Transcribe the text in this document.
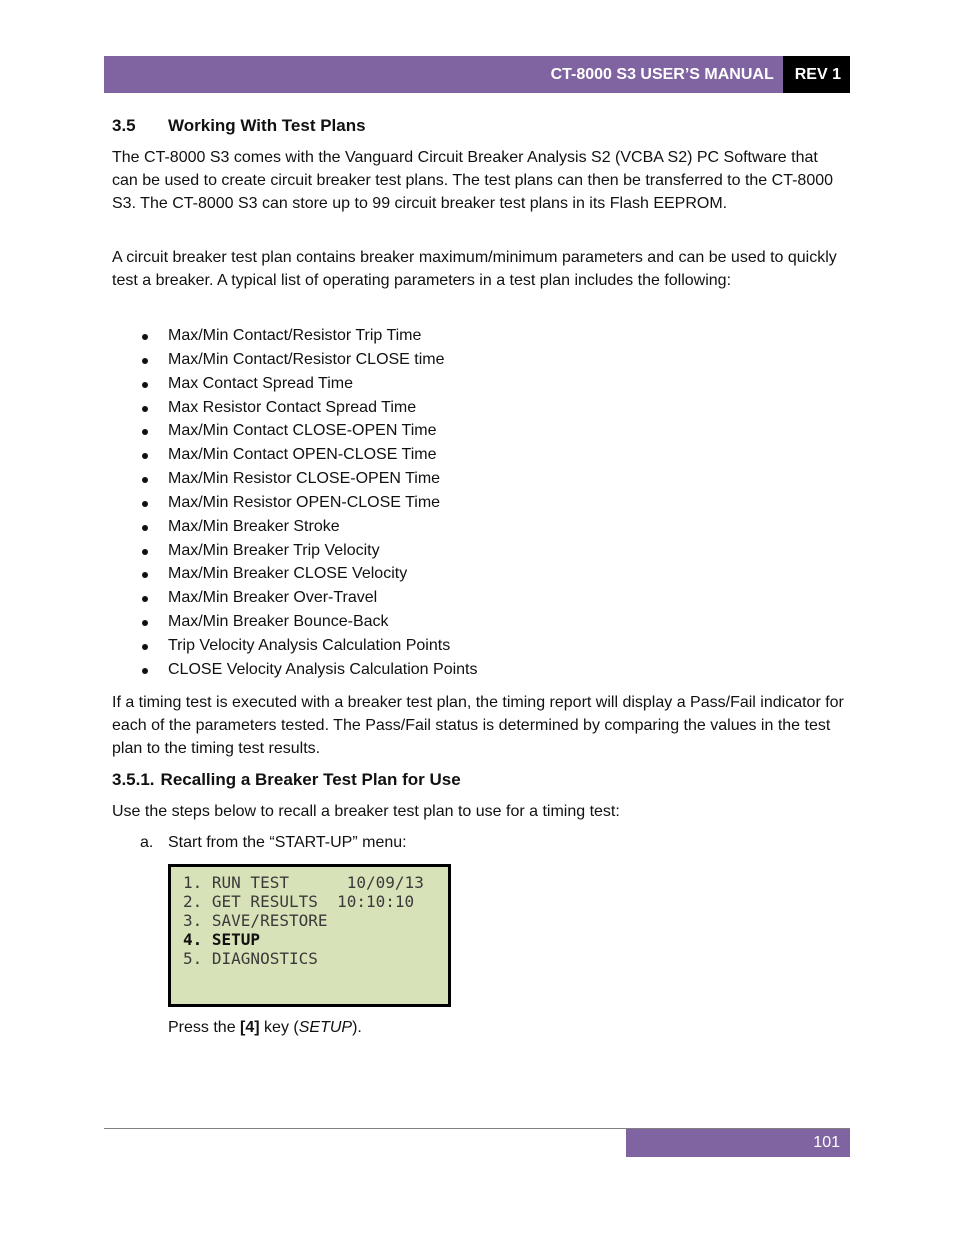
CT-8000 S3 USER’S MANUAL	REV 1
3.5 Working With Test Plans

The CT-8000 S3 comes with the Vanguard Circuit Breaker Analysis S2 (VCBA S2) PC Software that can be used to create circuit breaker test plans. The test plans can then be transferred to the CT-8000 S3. The CT-8000 S3 can store up to 99 circuit breaker test plans in its Flash EEPROM.

A circuit breaker test plan contains breaker maximum/minimum parameters and can be used to quickly test a breaker. A typical list of operating parameters in a test plan includes the following:

Max/Min Contact/Resistor Trip Time
Max/Min Contact/Resistor CLOSE time
Max Contact Spread Time
Max Resistor Contact Spread Time
Max/Min Contact CLOSE-OPEN Time
Max/Min Contact OPEN-CLOSE Time
Max/Min Resistor CLOSE-OPEN Time
Max/Min Resistor OPEN-CLOSE Time
Max/Min Breaker Stroke
Max/Min Breaker Trip Velocity
Max/Min Breaker CLOSE Velocity
Max/Min Breaker Over-Travel
Max/Min Breaker Bounce-Back
Trip Velocity Analysis Calculation Points
CLOSE Velocity Analysis Calculation Points

If a timing test is executed with a breaker test plan, the timing report will display a Pass/Fail indicator for each of the parameters tested. The Pass/Fail status is determined by comparing the values in the test plan to the timing test results.

3.5.1. Recalling a Breaker Test Plan for Use

Use the steps below to recall a breaker test plan to use for a timing test:

a. Start from the “START-UP” menu:
1. RUN TEST      10/09/13
2. GET RESULTS  10:10:10
3. SAVE/RESTORE
4. SETUP
5. DIAGNOSTICS
Press the [4] key (SETUP).
101
